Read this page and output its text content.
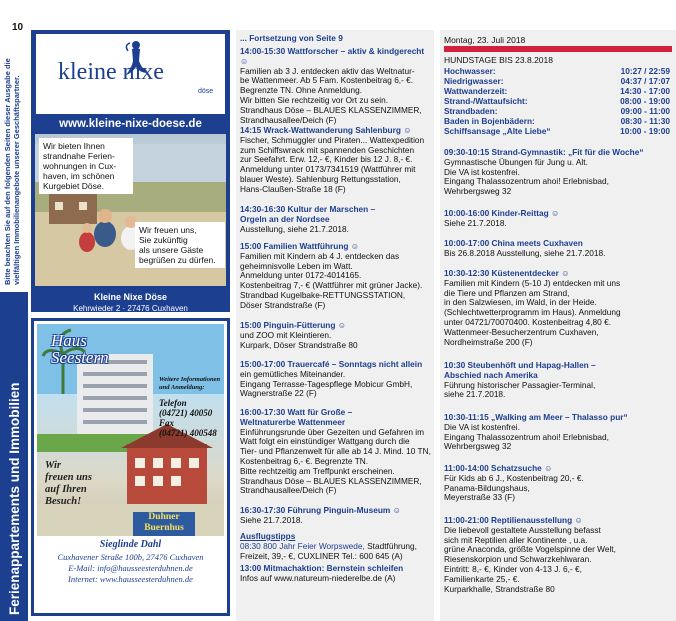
10
Bitte beachten Sie auf den folgenden Seiten dieser Ausgabe die vielfältigen Immobilienangebote unserer Geschäftspartner.
Ferienappartements und Immobilien
kleine nixe
döse
www.kleine-nixe-doese.de
Wir bieten Ihnen
strandnahe Ferien-
wohnungen in Cux-
haven, im schönen
Kurgebiet Döse.
Wir freuen uns,
Sie zukünftig
als unsere Gäste
begrüßen zu dürfen.
Kleine Nixe Döse
Kehrwieder 2 · 27476 Cuxhaven
Haus
Seestern
Weitere Informationen
und Anmeldung:
Telefon
(04721) 40050
Fax
(04721) 400548
Wir
freuen uns
auf Ihren
Besuch!
Duhner
Buernhus
Sieglinde Dahl
Cuxhavener Straße 100b, 27476 Cuxhaven
E-Mail: info@hausseesterduhnen.de
Internet: www.hausseesterduhnen.de
... Fortsetzung von Seite 9
14:00-15:30 Wattforscher – aktiv & kindgerecht ☺
Familien ab 3 J. entdecken aktiv das Weltnatur-
be Wattenmeer. Ab 5 Fam. Kostenbeitrag 6,- €.
Begrenzte TN. Ohne Anmeldung.
Wir bitten Sie rechtzeitig vor Ort zu sein.
Strandhaus Döse – BLAUES KLASSENZIMMER,
Strandhausallee/Deich (F)
14:15 Wrack-Wattwanderung Sahlenburg ☺
Fischer, Schmuggler und Piraten... Wattexpedition
zum Schiffswrack mit spannenden Geschichten
zur Seefahrt. Erw. 12,- €, Kinder bis 12 J. 8,- €.
Anmeldung unter 0173/7341519 (Wattführer mit
blauer Weste). Sahlenburg Rettungsstation,
Hans-Claußen-Straße 18 (F)
14:30-16:30 Kultur der Marschen –
Orgeln an der Nordsee
Ausstellung, siehe 21.7.2018.
15:00 Familien Wattführung ☺
Familien mit Kindern ab 4 J. entdecken das
geheimnisvolle Leben im Watt.
Anmeldung unter 0172-4014165.
Kostenbeitrag 7,- € (Wattführer mit grüner Jacke).
Strandbad Kugelbake-RETTUNGSSTATION,
Döser Strandstraße (F)
15:00 Pinguin-Fütterung ☺
und ZOO mit Kleintieren.
Kurpark, Döser Strandstraße 80
15:00-17:00 Trauercafé – Sonntags nicht allein
ein gemütliches Miteinander.
Eingang Terrasse-Tagespflege Mobicur GmbH,
Wagnerstraße 22 (F)
16:00-17:30 Watt für Große –
Weltnaturerbe Wattenmeer
Einführungsrunde über Gezeiten und Gefahren im
Watt folgt ein einstündiger Wattgang durch die
Tier- und Pflanzenwelt für alle ab 14 J. Mind. 10 TN,
Kostenbeitrag 6,- €. Begrenzte TN.
Bitte rechtzeitig am Treffpunkt erscheinen.
Strandhaus Döse – BLAUES KLASSENZIMMER,
Strandhausallee/Deich (F)
16:30-17:30 Führung Pinguin-Museum ☺
Siehe 21.7.2018.
Ausflugstipps
08:30 800 Jahr Feier Worpswede, Stadtführung,
Freizeit, 39,- €, CUXLINER Tel.: 600 645 (A)
13:00 Mitmachaktion: Bernstein schleifen
Infos auf www.natureum-niederelbe.de (A)
Montag, 23. Juli 2018
HUNDSTAGE BIS 23.8.2018
Hochwasser:	10:27 / 22:59
Niedrigwasser:	04:37 / 17:07
Wattwanderzeit:	14:30 - 17:00
Strand-/Wattaufsicht:	08:00 - 19:00
Strandbaden:	09:00 - 11:00
Baden in Bojenbädern:	08:30 - 11:30
Schiffsansage „Alte Liebe“	10:00 - 19:00
09:30-10:15 Strand-Gymnastik: „Fit für die Woche“
Gymnastische Übungen für Jung u. Alt.
Die VA ist kostenfrei.
Eingang Thalassozentrum ahoi! Erlebnisbad,
Wehrbergsweg 32
10:00-16:00 Kinder-Reittag ☺
Siehe 21.7.2018.
10:00-17:00 China meets Cuxhaven
Bis 26.8.2018 Ausstellung, siehe 21.7.2018.
10:30-12:30 Küstenentdecker ☺
Familien mit Kindern (5-10 J) entdecken mit uns
die Tiere und Pflanzen am Strand,
in den Salzwiesen, im Wald, in der Heide.
(Schlechtwetterprogramm im Haus). Anmeldung
unter 04721/70070400. Kostenbeitrag 4,80 €.
Wattenmeer-Besucherzentrum Cuxhaven,
Nordheimstraße 200 (F)
10:30 Steubenhöft und Hapag-Hallen –
Abschied nach Amerika
Führung historischer Passagier-Terminal,
siehe 21.7.2018.
10:30-11:15 „Walking am Meer – Thalasso pur“
Die VA ist kostenfrei.
Eingang Thalassozentrum ahoi! Erlebnisbad,
Wehrbergsweg 32
11:00-14:00 Schatzsuche ☺
Für Kids ab 6 J., Kostenbeitrag 20,- €.
Panama-Bildungshaus,
Meyerstraße 33 (F)
11:00-21:00 Reptilienausstellung ☺
Die liebevoll gestaltete Ausstellung befasst
sich mit Reptilien aller Kontinente , u.a.
grüne Anaconda, größte Vogelspinne der Welt,
Riesenskorpion und Schwarzkehlwaran.
Eintritt: 8,- €, Kinder von 4-13 J. 6,- €,
Familienkarte 25,- €.
Kurparkhalle, Strandstraße 80
